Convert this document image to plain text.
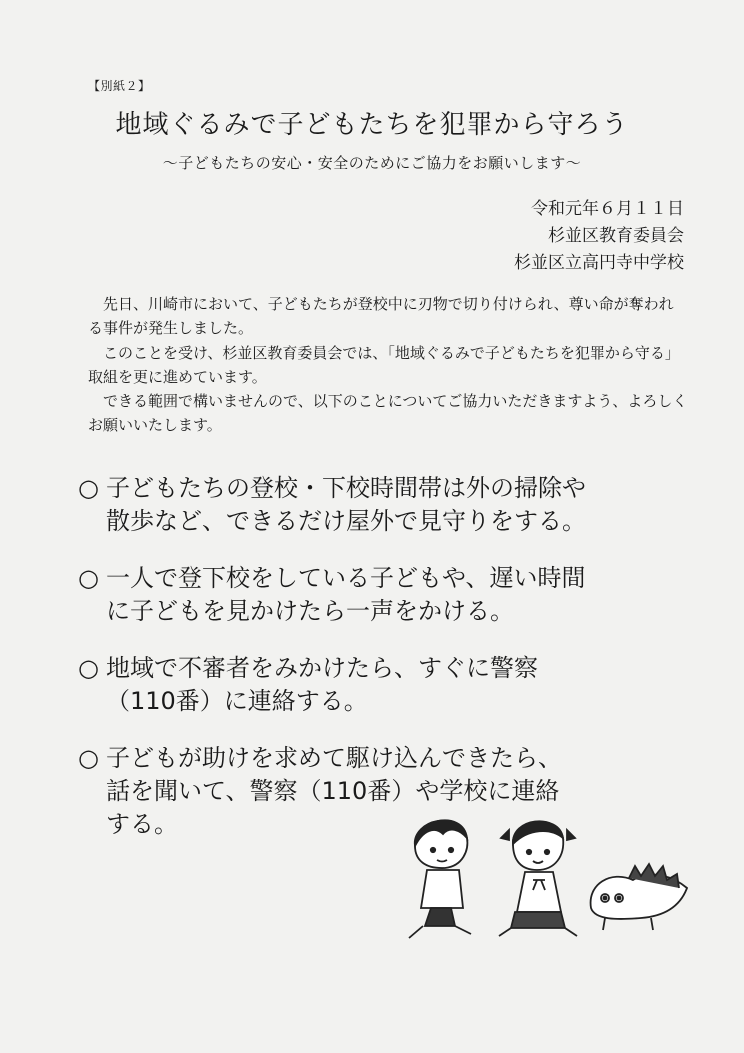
【別紙２】
地域ぐるみで子どもたちを犯罪から守ろう
～子どもたちの安心・安全のためにご協力をお願いします～
令和元年６月１１日
杉並区教育委員会
杉並区立高円寺中学校

先日、川崎市において、子どもたちが登校中に刃物で切り付けられ、尊い命が奪われる事件が発生しました。

このことを受け、杉並区教育委員会では、「地域ぐるみで子どもたちを犯罪から守る」取組を更に進めています。

できる範囲で構いませんので、以下のことについてご協力いただきますよう、よろしくお願いいたします。

○ 子どもたちの登校・下校時間帯は外の掃除や
散歩など、できるだけ屋外で見守りをする。
○ 一人で登下校をしている子どもや、遅い時間
に子どもを見かけたら一声をかける。
○ 地域で不審者をみかけたら、すぐに警察
（110番）に連絡する。
○ 子どもが助けを求めて駆け込んできたら、
話を聞いて、警察（110番）や学校に連絡
する。
